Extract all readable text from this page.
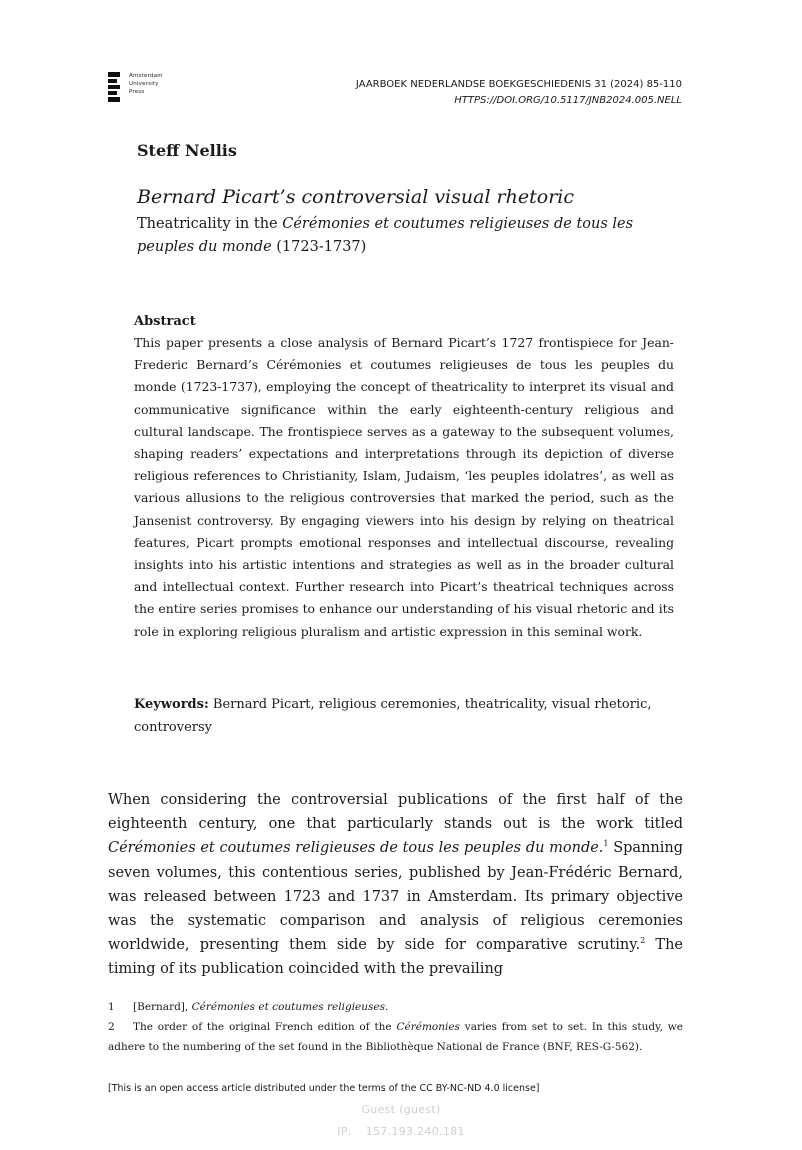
Amsterdam
University
Press
JAARBOEK NEDERLANDSE BOEKGESCHIEDENIS 31 (2024) 85-110
HTTPS://DOI.ORG/10.5117/JNB2024.005.NELL
Steff Nellis
Bernard Picart’s controversial visual rhetoric
Theatricality in the Cérémonies et coutumes religieuses de tous les peuples du monde (1723-1737)
Abstract

This paper presents a close analysis of Bernard Picart’s 1727 frontispiece for Jean-Frederic Bernard’s Cérémonies et coutumes religieuses de tous les peuples du monde (1723-1737), employing the concept of theatricality to interpret its visual and communicative significance within the early eighteenth-century religious and cultural landscape. The frontispiece serves as a gateway to the subsequent volumes, shaping readers’ expectations and interpretations through its depiction of diverse religious references to Christianity, Islam, Judaism, ‘les peuples idolatres’, as well as various allusions to the religious controversies that marked the period, such as the Jansenist controversy. By engaging viewers into his design by relying on theatrical features, Picart prompts emotional responses and intellectual discourse, revealing insights into his artistic intentions and strategies as well as in the broader cultural and intellectual context. Further research into Picart’s theatrical techniques across the entire series promises to enhance our understanding of his visual rhetoric and its role in exploring religious pluralism and artistic expression in this seminal work.

Keywords: Bernard Picart, religious ceremonies, theatricality, visual rhetoric, controversy

When considering the controversial publications of the first half of the eighteenth century, one that particularly stands out is the work titled Cérémonies et coutumes religieuses de tous les peuples du monde.$^1$ Spanning seven volumes, this contentious series, published by Jean-Frédéric Bernard, was released between 1723 and 1737 in Amsterdam. Its primary objective was the systematic comparison and analysis of religious ceremonies worldwide, presenting them side by side for comparative scrutiny.$^2$ The timing of its publication coincided with the prevailing

1 [Bernard], Cérémonies et coutumes religieuses.
2 The order of the original French edition of the Cérémonies varies from set to set. In this study, we adhere to the numbering of the set found in the Bibliothèque National de France (BNF, RES-G-562).
[This is an open access article distributed under the terms of the CC BY-NC-ND 4.0 license]
Guest (guest)
IP: 157.193.240.181
